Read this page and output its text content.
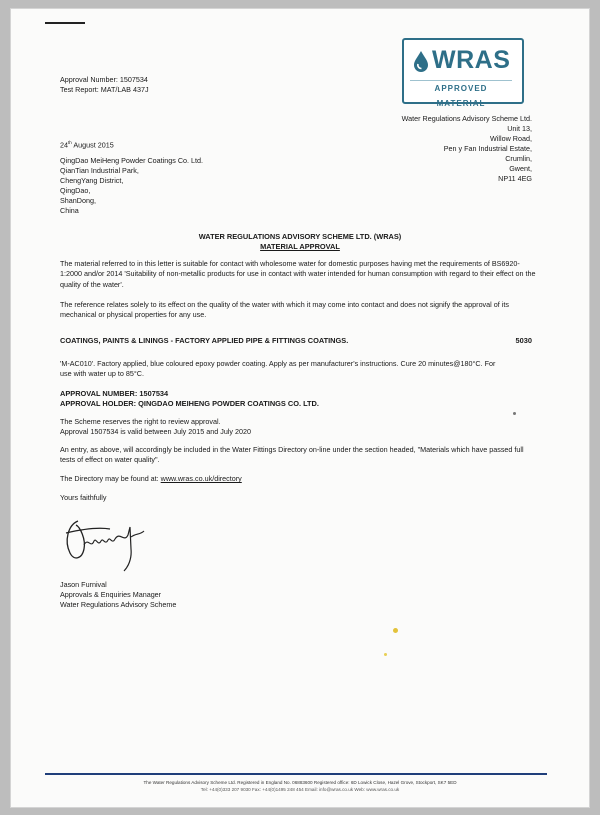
WRAS
APPROVED MATERIAL
Approval Number: 1507534
Test Report: MAT/LAB 437J
Water Regulations Advisory Scheme Ltd.
Unit 13,
Willow Road,
Pen y Fan Industrial Estate,
Crumlin,
Gwent,
NP11 4EG
24th August 2015
QingDao MeiHeng Powder Coatings Co. Ltd.
QianTian Industrial Park,
ChengYang District,
QingDao,
ShanDong,
China
WATER REGULATIONS ADVISORY SCHEME LTD. (WRAS)
MATERIAL APPROVAL
The material referred to in this letter is suitable for contact with wholesome water for domestic purposes having met the requirements of BS6920-1:2000 and/or 2014 'Suitability of non-metallic products for use in contact with water intended for human consumption with regard to their effect on the quality of the water'.
The reference relates solely to its effect on the quality of the water with which it may come into contact and does not signify the approval of its mechanical or physical properties for any use.
COATINGS, PAINTS & LININGS - FACTORY APPLIED PIPE & FITTINGS COATINGS.	5030
'M-AC010'. Factory applied, blue coloured epoxy powder coating. Apply as per manufacturer's instructions. Cure 20 minutes@180°C. For use with water up to 85°C.
APPROVAL NUMBER: 1507534
APPROVAL HOLDER: QINGDAO MEIHENG POWDER COATINGS CO. LTD.
The Scheme reserves the right to review approval.
Approval 1507534 is valid between July 2015 and July 2020
An entry, as above, will accordingly be included in the Water Fittings Directory on-line under the section headed, "Materials which have passed full tests of effect on water quality".
The Directory may be found at: www.wras.co.uk/directory
Yours faithfully
Jason Furnival
Approvals & Enquiries Manager
Water Regulations Advisory Scheme
The Water Regulations Advisory Scheme Ltd. Registered in England No. 06883600 Registered office: 6D Lowick Close, Hazel Grove, Stockport, SK7 5ED
Tel: +44(0)333 207 9030 Fax: +44(0)1495 248 454 Email: info@wras.co.uk Web: www.wras.co.uk
